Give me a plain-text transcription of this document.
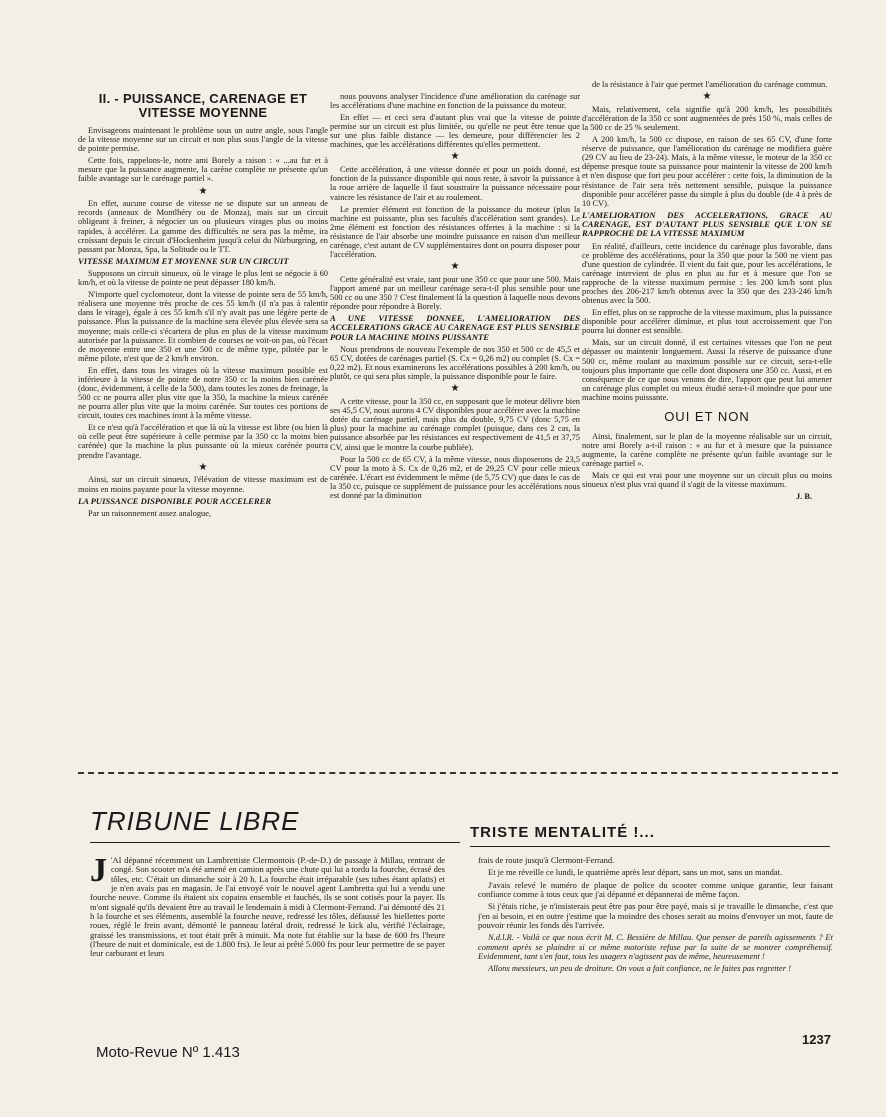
II. - PUISSANCE, CARENAGE ET VITESSE MOYENNE

Envisageons maintenant le problème sous un autre angle, sous l'angle de la vitesse moyenne sur un circuit et non plus sous l'angle de la vitesse de pointe permise.

Cette fois, rappelons-le, notre ami Borely a raison : « ...au fur et à mesure que la puissance augmente, la carène complète ne présente qu'un faible avantage sur le carénage partiel ».

★

En effet, aucune course de vitesse ne se dispute sur un anneau de records (anneaux de Montlhéry ou de Monza), mais sur un circuit obligeant à freiner, à négocier un ou plusieurs virages plus ou moins rapides, à accélérer. La gamme des difficultés ne sera pas la même, ira croissant depuis le circuit d'Hockenheim jusqu'à celui du Nürburgring, en passant par Monza, Spa, la Solitude ou le TT.

VITESSE MAXIMUM ET MOYENNE SUR UN CIRCUIT

Supposons un circuit sinueux, où le virage le plus lent se négocie à 60 km/h, et où la vitesse de pointe ne peut dépasser 180 km/h.

N'importe quel cyclomoteur, dont la vitesse de pointe sera de 55 km/h, réalisera une moyenne très proche de ces 55 km/h (il n'a pas à ralentir dans le virage), égale à ces 55 km/h s'il n'y avait pas une légère perte de puissance. Plus la puissance de la machine sera élevée plus élevée sera sa moyenne; mais celle-ci s'écartera de plus en plus de la vitesse maximum autorisée par la puissance. Et combien de courses ne voit-on pas, où l'écart de moyenne entre une 350 et une 500 cc de même type, pilotée par le même pilote, n'est que de 2 km/h environ.

En effet, dans tous les virages où la vitesse maximum possible est inférieure à la vitesse de pointe de notre 350 cc la moins bien carénée (donc, évidemment, à celle de la 500), dans toutes les zones de freinage, la 500 cc ne pourra aller plus vite que la 350, la machine la mieux carénée ne pourra aller plus vite que la moins carénée. Sur toutes ces portions de circuit, toutes ces machines iront à la même vitesse.

Et ce n'est qu'à l'accélération et que là où la vitesse est libre (ou bien là où celle peut être supérieure à celle permise par la 350 cc la moins bien carénée) que la machine la plus puissante où la mieux carénée pourra prendre l'avantage.

★

Ainsi, sur un circuit sinueux, l'élévation de vitesse maximum est de moins en moins payante pour la vitesse moyenne.

LA PUISSANCE DISPONIBLE POUR ACCELERER

Par un raisonnement assez analogue,

nous pouvons analyser l'incidence d'une amélioration du carénage sur les accélérations d'une machine en fonction de la puissance du moteur.

En effet — et ceci sera d'autant plus vrai que la vitesse de pointe permise sur un circuit est plus limitée, ou qu'elle ne peut être tenue que sur une plus faible distance — les demeure, pour différencier les 2 machines, que les accélérations différentes qu'elles permettent.

★

Cette accélération, à une vitesse donnée et pour un poids donné, est fonction de la puissance disponible qui nous reste, à savoir la puissance à la roue arrière de laquelle il faut soustraire la puissance nécessaire pour vaincre les résistance de l'air et au roulement.

Le premier élément est fonction de la puissance du moteur (plus la machine est puissante, plus ses facultés d'accélération sont grandes). Le 2me élément est fonction des résistances offertes à la machine : si la résistance de l'air absorbe une moindre puissance en raison d'un meilleur carénage, c'est autant de CV supplémentaires dont on pourra disposer pour l'accélération.

★

Cette généralité est vraie, tant pour une 350 cc que pour une 500. Mais l'apport amené par un meilleur carénage sera-t-il plus sensible pour une 500 cc ou une 350 ? C'est finalement là la question à laquelle nous devons répondre pour répondre à Borely.

A UNE VITESSE DONNEE, L'AMELIORATION DES ACCELERATIONS GRACE AU CARENAGE EST PLUS SENSIBLE POUR LA MACHINE MOINS PUISSANTE

Nous prendrons de nouveau l'exemple de nos 350 et 500 cc de 45,5 et 65 CV, dotées de carénages partiel (S. Cx = 0,26 m2) ou complet (S. Cx = 0,22 m2). Et nous examinerons les accélérations possibles à 200 km/h, ou plutôt, ce qui sera plus simple, la puissance disponible pour le faire.

★

A cette vitesse, pour la 350 cc, en supposant que le moteur délivre bien ses 45,5 CV, nous aurons 4 CV disponibles pour accélérer avec la machine dotée du carénage partiel, mais plus du double, 9,75 CV (donc 5,75 en plus) pour la machine au carénage complet (puisque, dans ces 2 cas, la puissance absorbée par les résistances est respectivement de 41,5 et 37,75 CV, ainsi que le montre la courbe publiée).

Pour la 500 cc de 65 CV, à la même vitesse, nous disposerons de 23,5 CV pour la moto à S. Cx de 0,26 m2, et de 29,25 CV pour celle mieux carénée. L'écart est évidemment le même (de 5,75 CV) que dans le cas de la 350 cc, puisque ce supplément de puissance pour les accélérations nous est donné par la diminution

de la résistance à l'air que permet l'amélioration du carénage commun.

★

Mais, relativement, cela signifie qu'à 200 km/h, les possibilités d'accélération de la 350 cc sont augmentées de près 150 %, mais celles de la 500 cc de 25 % seulement.

A 200 km/h, la 500 cc dispose, en raison de ses 65 CV, d'une forte réserve de puissance, que l'amélioration du carénage ne modifiera guère (29 CV au lieu de 23-24). Mais, à la même vitesse, le moteur de la 350 cc dépense presque toute sa puissance pour maintenir la vitesse de 200 km/h et n'en dispose que fort peu pour accélérer : cette fois, la diminution de la résistance de l'air sera très nettement sensible, puisque la puissance disponible pour accélérer passe du simple à plus du double (de 4 à près de 10 CV).

L'AMELIORATION DES ACCELERATIONS, GRACE AU CARENAGE, EST D'AUTANT PLUS SENSIBLE QUE L'ON SE RAPPROCHE DE LA VITESSE MAXIMUM

En réalité, d'ailleurs, cette incidence du carénage plus favorable, dans ce problème des accélérations, pour la 350 que pour la 500 ne vient pas d'une question de cylindrée. Il vient du fait que, pour les accélérations, le carénage intervient de plus en plus au fur et à mesure que l'on se rapproche de la vitesse maximum permise : les 200 km/h sont plus proches des 206-217 km/h obtenus avec la 350 que des 233-246 km/h obtenus avec la 500.

En effet, plus on se rapproche de la vitesse maximum, plus la puissance disponible pour accélérer diminue, et plus tout accroissement que l'on pourra lui donner est sensible.

Mais, sur un circuit donné, il est certaines vitesses que l'on ne peut dépasser ou maintenir longuement. Aussi la réserve de puissance d'une 500 cc, même roulant au maximum possible sur ce circuit, sera-t-elle toujours plus importante que celle dont disposera une 350 cc. Aussi, et en conséquence de ce que nous venons de dire, l'apport que peut lui amener un carénage plus complet ou mieux étudié sera-t-il moindre que pour une machine moins puissante.

OUI ET NON

Ainsi, finalement, sur le plan de la moyenne réalisable sur un circuit, notre ami Borely a-t-il raison : « au fur et à mesure que la puissance augmente, la carène complète ne présente qu'un faible avantage sur le carénage partiel ».

Mais ce qui est vrai pour une moyenne sur un circuit plus ou moins sinueux n'est plus vrai quand il s'agit de la vitesse maximum.

J. B.
TRIBUNE LIBRE	TRISTE MENTALITÉ !...

J 'AI dépanné récemment un Lambrettiste Clermontois (P.-de-D.) de passage à Millau, rentrant de congé. Son scooter m'a été amené en camion après une chute qui lui a tordu la fourche, écrasé des tôles, etc. C'était un dimanche soir à 20 h. La fourche était irréparable (ses tubes étant aplatis) et je n'en avais pas en magasin. Je l'ai envoyé voir le nouvel agent Lambretta qui lui a vendu une fourche neuve. Comme ils étaient six copains ensemble et fauchés, ils se sont cotisés pour la payer. Ils m'ont signalé qu'ils devaient être au travail le lendemain à midi à Clermont-Ferrand. J'ai démonté dès 21 h la fourche et ses éléments, assemblé la fourche neuve, redressé les tôles, défaussé les biellettes porte roues, réglé le frein avant, démonté le panneau latéral droit, redressé le kick alu, vérifié l'éclairage, graissé les transmissions, et tout était prêt à minuit. Ma note fut établie sur la base de 600 frs l'heure (l'heure de nuit et dominicale, est de 1.800 frs). Je leur ai prêté 5.000 frs pour leur permettre de se payer leur carburant et leurs

frais de route jusqu'à Clermont-Ferrand.

Et je me réveille ce lundi, le quatrième après leur départ, sans un mot, sans un mandat.

J'avais relevé le numéro de plaque de police du scooter comme unique garantie, leur faisant confiance comme à tous ceux que j'ai dépanné et dépannerai de même façon.

Si j'étais riche, je n'insisterais peut être pas pour être payé, mais si je travaille le dimanche, c'est que j'en ai besoin, et en outre j'estime que la moindre des choses serait au moins d'envoyer un mot, faute de pouvoir réunir les fonds dès l'arrivée.

N.d.l.R. - Voilà ce que nous écrit M. C. Bessière de Millau. Que penser de pareils agissements ? Et comment après se plaindre si ce même motoriste refuse par la suite de se montrer compréhensif. Evidemment, tant s'en faut, tous les usagers n'agissent pas de même, heureusement !

Allons messieurs, un peu de droiture. On vous a fait confiance, ne le faites pas regretter !

Moto-Revue Nº 1.413
1237
